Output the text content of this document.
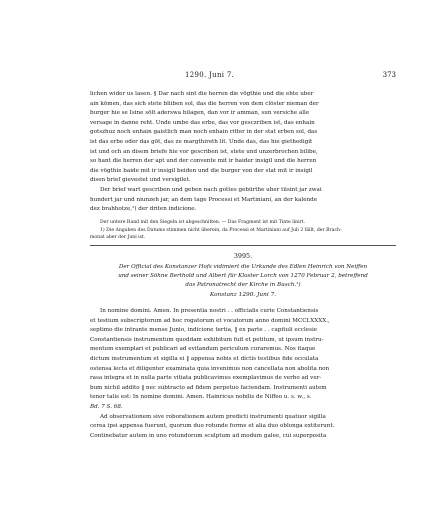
1290. Juni 7.	373

lichen wider us lasen. § Dar nach sint die herren die vögthie und die ehte uber

ain kōmen, das sich stete bliiben sol, das die herren von dem clōster nieman der

burger hie se Isine sōlt aderswa bilagen, dan vor ir amman, sun versiche alle

versage in danne reht. Unde umbe das erbe, das vor gesczriben ist, das enhain

gotszhuz noch enhain gaistlich man noch enhain ritter in der stat erben sol, das

ist das erbe oder das gōt, das ze margthireth lit. Unde das, das hie giethedigit

ist und och an disem briefe hie vor gescriben ist, stete und unzerbrochen bilibe,

so hant die herren der apt und der convente mit ir baider insigil und die herren

die vögthie baide mit ir insigil beiden und die burger von der stat mit ir insigil

disen brief gievestet und versigilet.

Der brief wart gescriben und geben nach gottes gebürthe uber tūsint jar zwai

hundert jar und niunzeh jar, an dem tage Processi et Martiniani, an der kalende

dez brahhotze,¹) der driten indicione.

Der untere Rand mit den Siegeln ist abgeschnitten. — Das Fragment ist mit Tinte linirt.

1) Die Angaben des Datums stimmen nicht überein, da Processi et Martiniani auf Juli 2 fällt, der Brach-

monat aber der Juni ist.

3995.

Der Official des Konstanzer Hofs vidimiert die Urkunde des Edlen Heinrich von Neiffen

und seiner Söhne Berthold und Albert für Kloster Lorch von 1270 Februar 2, betreffend

das Patronatrecht der Kirche in Busch.¹)

Konstanz 1290. Juni 7.

In nomine domini. Amen. In presentia nostri . . officialis curie Constantiensis

et testium subscriptorum ad hoc rogatorum et vocatorum anno domini MCCLXXXX.,

septimo die intrante mense Junio, indicione tertia, ‖ ex parte . . capituli ecclesie

Constantiensis instrumentum quoddam exhibitum fuit et petitum, ut ipsum instru-

mentum exemplari et publicari ad evitandum periculum curaremus. Nos itaque

dictum instrumentum et sigilla ei ‖ appensa nobis et dictis testibus fide occulata

ostensa lecta et diligenter examinata quia invenimus non cancellata non abolita non

rasa integra et in nulla parte vitiata publicavimus exemplavimus de verbo ad ver-

bum nichil addito ‖ nec subtracto ad fidem perpetuo faciendam. Instrumenti autem

tenor talis est: In nomine domini. Amen. Hainricus nobilis de Niffeo u. s. w., s.

Bd. 7 S. 68.

Ad observationem sive roborationem autem predicti instrumenti quatuor sigilla

cerea ipsi appensa fuerunt, quorum duo rotunde forme et alia duo oblonga extiterunt.

Continebatur autem in uno rotundorum sculptum ad modum galee, cui superposita
